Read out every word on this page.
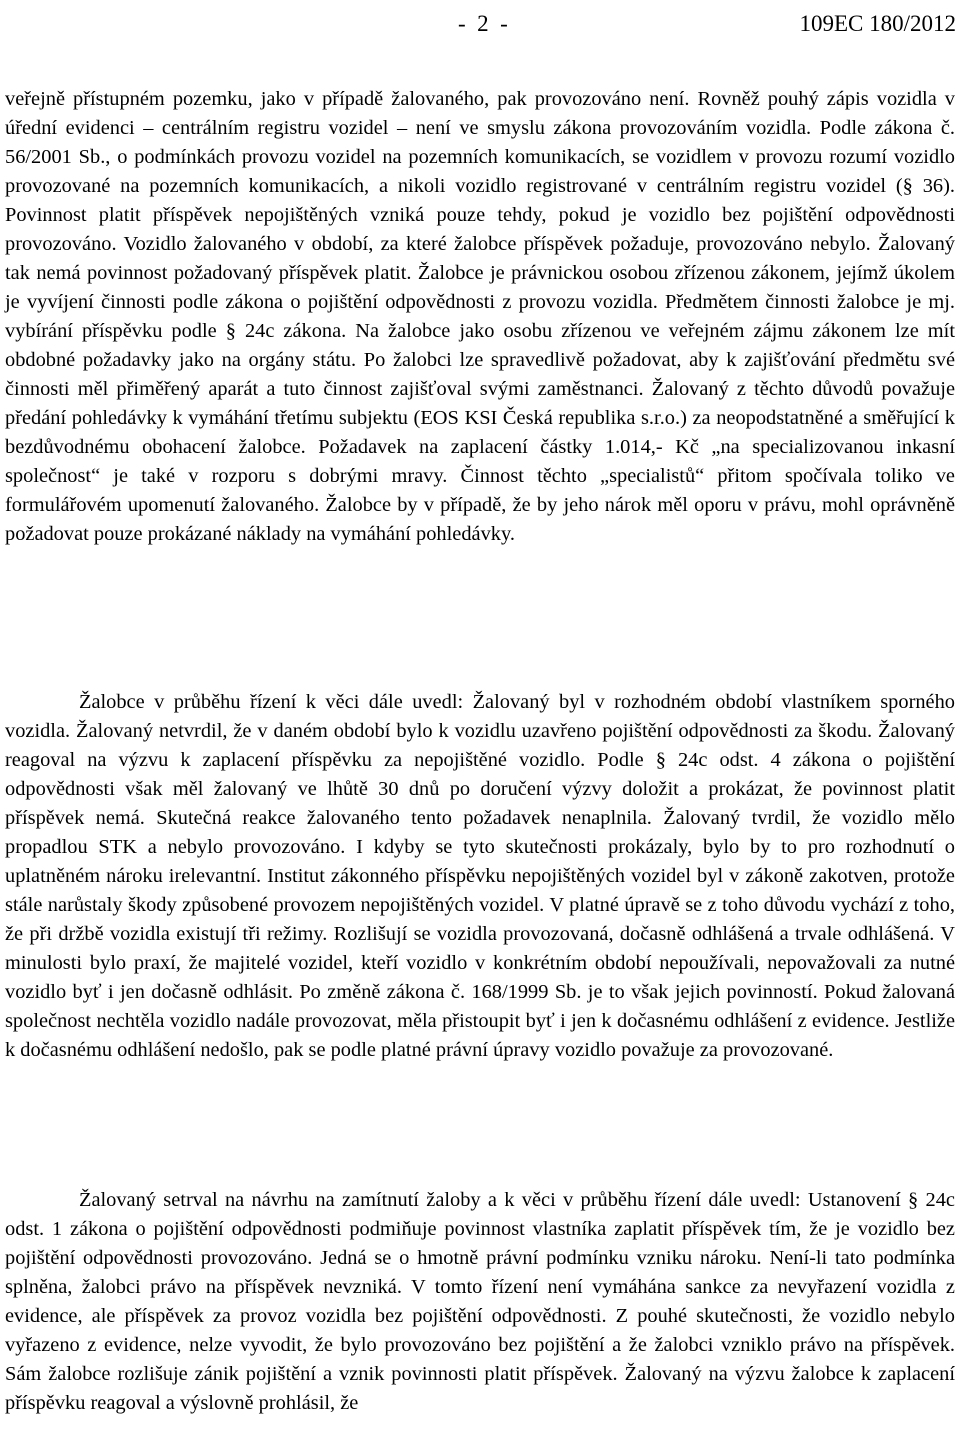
-  2  -	109EC 180/2012

veřejně přístupném pozemku, jako v případě žalovaného, pak provozováno není. Rovněž pouhý zápis vozidla v úřední evidenci – centrálním registru vozidel – není ve smyslu zákona provozováním vozidla. Podle zákona č. 56/2001 Sb., o podmínkách provozu vozidel na pozemních komunikacích, se vozidlem v provozu rozumí vozidlo provozované na pozemních komunikacích, a nikoli vozidlo registrované v centrálním registru vozidel (§ 36). Povinnost platit příspěvek nepojištěných vzniká pouze tehdy, pokud je vozidlo bez pojištění odpovědnosti provozováno. Vozidlo žalovaného v období, za které žalobce příspěvek požaduje, provozováno nebylo. Žalovaný tak nemá povinnost požadovaný příspěvek platit. Žalobce je právnickou osobou zřízenou zákonem, jejímž úkolem je vyvíjení činnosti podle zákona o pojištění odpovědnosti z provozu vozidla. Předmětem činnosti žalobce je mj. vybírání příspěvku podle § 24c zákona. Na žalobce jako osobu zřízenou ve veřejném zájmu zákonem lze mít obdobné požadavky jako na orgány státu. Po žalobci lze spravedlivě požadovat, aby k zajišťování předmětu své činnosti měl přiměřený aparát a tuto činnost zajišťoval svými zaměstnanci. Žalovaný z těchto důvodů považuje předání pohledávky k vymáhání třetímu subjektu (EOS KSI Česká republika s.r.o.) za neopodstatněné a směřující k bezdůvodnému obohacení žalobce. Požadavek na zaplacení částky 1.014,- Kč „na specializovanou inkasní společnost“ je také v rozporu s dobrými mravy. Činnost těchto „specialistů“ přitom spočívala toliko ve formulářovém upomenutí žalovaného. Žalobce by v případě, že by jeho nárok měl oporu v právu, mohl oprávněně požadovat pouze prokázané náklady na vymáhání pohledávky.

Žalobce v průběhu řízení k věci dále uvedl: Žalovaný byl v rozhodném období vlastníkem sporného vozidla. Žalovaný netvrdil, že v daném období bylo k vozidlu uzavřeno pojištění odpovědnosti za škodu. Žalovaný reagoval na výzvu k zaplacení příspěvku za nepojištěné vozidlo. Podle § 24c odst. 4 zákona o pojištění odpovědnosti však měl žalovaný ve lhůtě 30 dnů po doručení výzvy doložit a prokázat, že povinnost platit příspěvek nemá. Skutečná reakce žalovaného tento požadavek nenaplnila. Žalovaný tvrdil, že vozidlo mělo propadlou STK a nebylo provozováno. I kdyby se tyto skutečnosti prokázaly, bylo by to pro rozhodnutí o uplatněném nároku irelevantní. Institut zákonného příspěvku nepojištěných vozidel byl v zákoně zakotven, protože stále narůstaly škody způsobené provozem nepojištěných vozidel. V platné úpravě se z toho důvodu vychází z toho, že při držbě vozidla existují tři režimy. Rozlišují se vozidla provozovaná, dočasně odhlášená a trvale odhlášená. V minulosti bylo praxí, že majitelé vozidel, kteří vozidlo v konkrétním období nepoužívali, nepovažovali za nutné vozidlo byť i jen dočasně odhlásit. Po změně zákona č. 168/1999 Sb. je to však jejich povinností. Pokud žalovaná společnost nechtěla vozidlo nadále provozovat, měla přistoupit byť i jen k dočasnému odhlášení z evidence. Jestliže k dočasnému odhlášení nedošlo, pak se podle platné právní úpravy vozidlo považuje za provozované.

Žalovaný setrval na návrhu na zamítnutí žaloby a k věci v průběhu řízení dále uvedl: Ustanovení § 24c odst. 1 zákona o pojištění odpovědnosti podmiňuje povinnost vlastníka zaplatit příspěvek tím, že je vozidlo bez pojištění odpovědnosti provozováno. Jedná se o hmotně právní podmínku vzniku nároku. Není-li tato podmínka splněna, žalobci právo na příspěvek nevzniká. V tomto řízení není vymáhána sankce za nevyřazení vozidla z evidence, ale příspěvek za provoz vozidla bez pojištění odpovědnosti. Z pouhé skutečnosti, že vozidlo nebylo vyřazeno z evidence, nelze vyvodit, že bylo provozováno bez pojištění a že žalobci vzniklo právo na příspěvek. Sám žalobce rozlišuje zánik pojištění a vznik povinnosti platit příspěvek. Žalovaný na výzvu žalobce k zaplacení příspěvku reagoval a výslovně prohlásil, že
